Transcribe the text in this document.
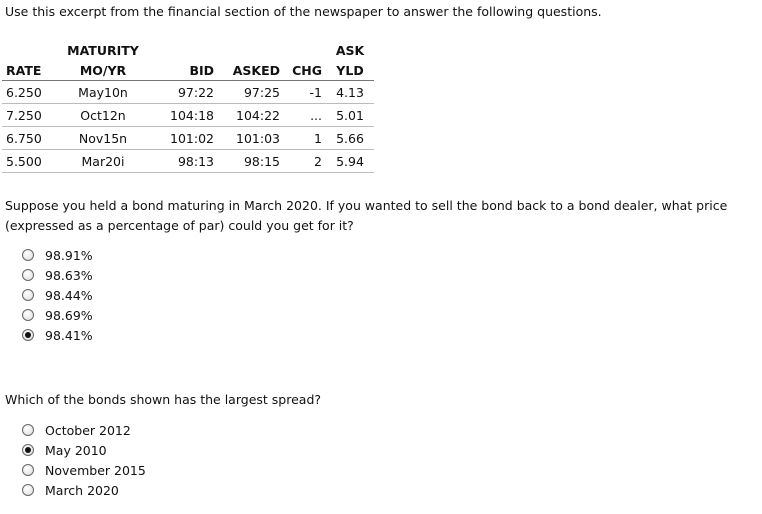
Use this excerpt from the financial section of the newspaper to answer the following questions.
	MATURITY				ASK
RATE	MO/YR	BID	ASKED	CHG	YLD
6.250	May10n	97:22	97:25	-1	4.13
7.250	Oct12n	104:18	104:22	...	5.01
6.750	Nov15n	101:02	101:03	1	5.66
5.500	Mar20i	98:13	98:15	2	5.94
Suppose you held a bond maturing in March 2020. If you wanted to sell the bond back to a bond dealer, what price (expressed as a percentage of par) could you get for it?
98.91%
98.63%
98.44%
98.69%
98.41%
Which of the bonds shown has the largest spread?
October 2012
May 2010
November 2015
March 2020
